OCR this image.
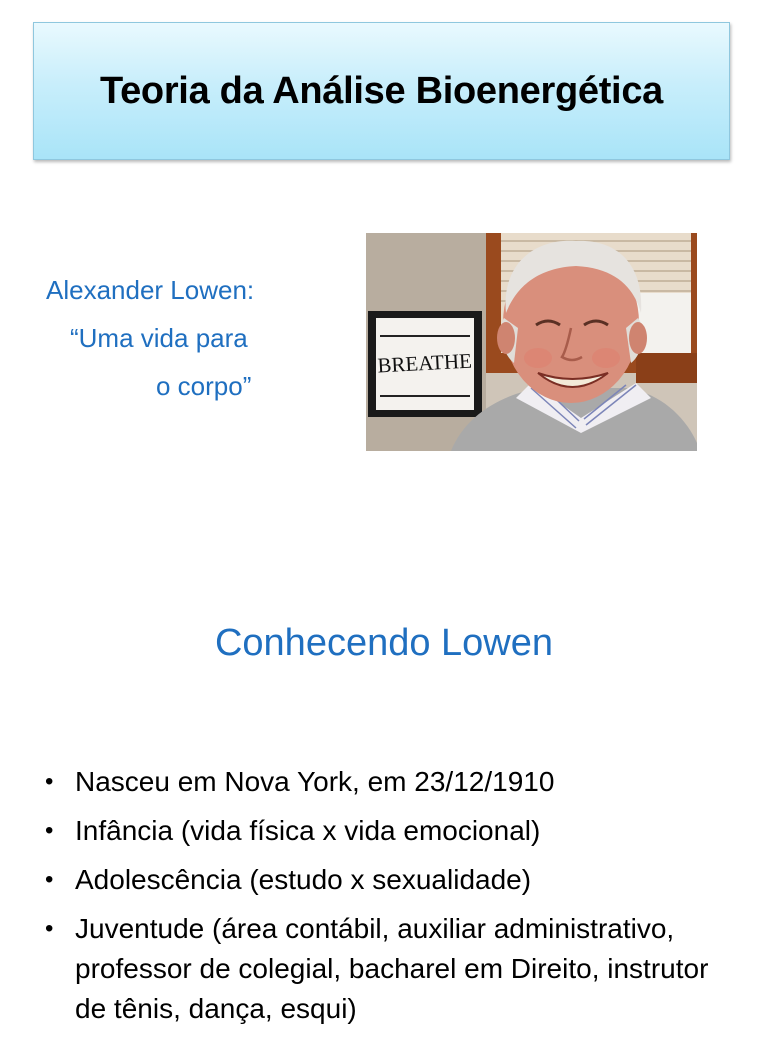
Teoria da Análise Bioenergética
Alexander Lowen:
“Uma vida para
o corpo”
BREATHE
Conhecendo Lowen
• Nasceu em Nova York, em 23/12/1910
• Infância (vida física x vida emocional)
• Adolescência (estudo x sexualidade)
• Juventude (área contábil, auxiliar administrativo, professor de colegial, bacharel em Direito, instrutor de tênis, dança, esqui)
